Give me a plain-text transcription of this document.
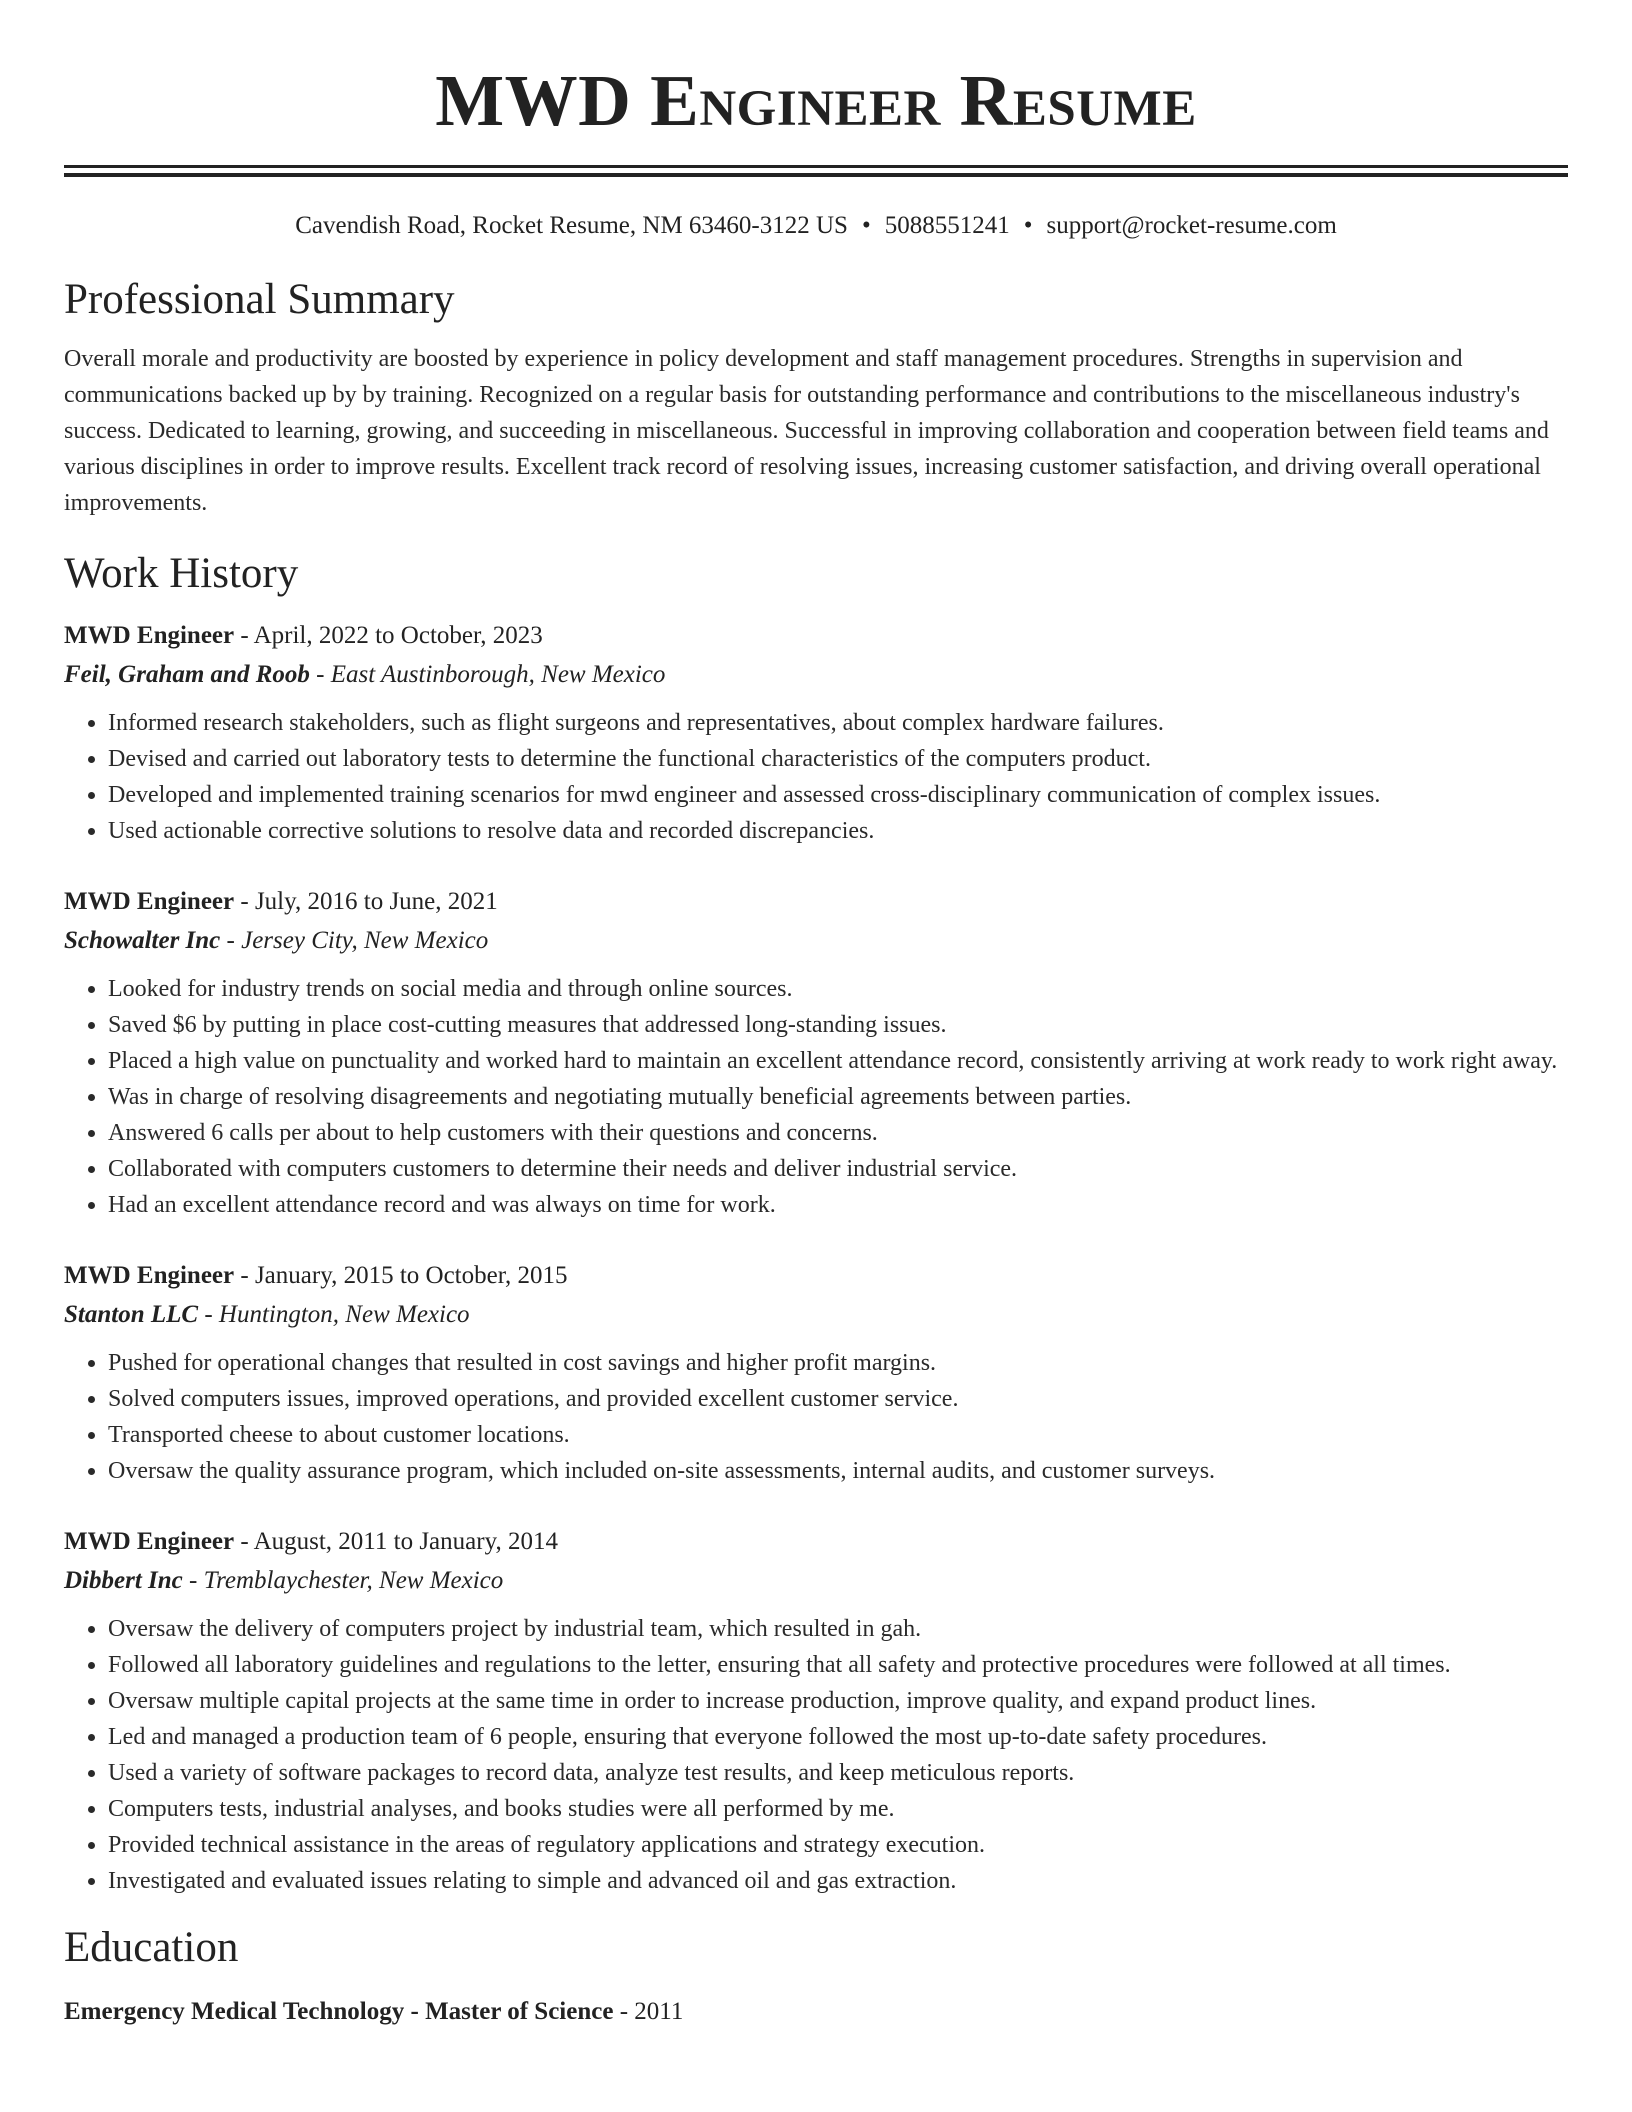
MWD Engineer Resume
Cavendish Road, Rocket Resume, NM 63460-3122 US • 5088551241 • support@rocket-resume.com
Professional Summary
Overall morale and productivity are boosted by experience in policy development and staff management procedures. Strengths in supervision and communications backed up by by training. Recognized on a regular basis for outstanding performance and contributions to the miscellaneous industry's success. Dedicated to learning, growing, and succeeding in miscellaneous. Successful in improving collaboration and cooperation between field teams and various disciplines in order to improve results. Excellent track record of resolving issues, increasing customer satisfaction, and driving overall operational improvements.
Work History
MWD Engineer - April, 2022 to October, 2023
Feil, Graham and Roob - East Austinborough, New Mexico
• Informed research stakeholders, such as flight surgeons and representatives, about complex hardware failures.
• Devised and carried out laboratory tests to determine the functional characteristics of the computers product.
• Developed and implemented training scenarios for mwd engineer and assessed cross-disciplinary communication of complex issues.
• Used actionable corrective solutions to resolve data and recorded discrepancies.
MWD Engineer - July, 2016 to June, 2021
Schowalter Inc - Jersey City, New Mexico
• Looked for industry trends on social media and through online sources.
• Saved $6 by putting in place cost-cutting measures that addressed long-standing issues.
• Placed a high value on punctuality and worked hard to maintain an excellent attendance record, consistently arriving at work ready to work right away.
• Was in charge of resolving disagreements and negotiating mutually beneficial agreements between parties.
• Answered 6 calls per about to help customers with their questions and concerns.
• Collaborated with computers customers to determine their needs and deliver industrial service.
• Had an excellent attendance record and was always on time for work.
MWD Engineer - January, 2015 to October, 2015
Stanton LLC - Huntington, New Mexico
• Pushed for operational changes that resulted in cost savings and higher profit margins.
• Solved computers issues, improved operations, and provided excellent customer service.
• Transported cheese to about customer locations.
• Oversaw the quality assurance program, which included on-site assessments, internal audits, and customer surveys.
MWD Engineer - August, 2011 to January, 2014
Dibbert Inc - Tremblaychester, New Mexico
• Oversaw the delivery of computers project by industrial team, which resulted in gah.
• Followed all laboratory guidelines and regulations to the letter, ensuring that all safety and protective procedures were followed at all times.
• Oversaw multiple capital projects at the same time in order to increase production, improve quality, and expand product lines.
• Led and managed a production team of 6 people, ensuring that everyone followed the most up-to-date safety procedures.
• Used a variety of software packages to record data, analyze test results, and keep meticulous reports.
• Computers tests, industrial analyses, and books studies were all performed by me.
• Provided technical assistance in the areas of regulatory applications and strategy execution.
• Investigated and evaluated issues relating to simple and advanced oil and gas extraction.
Education
Emergency Medical Technology - Master of Science - 2011
